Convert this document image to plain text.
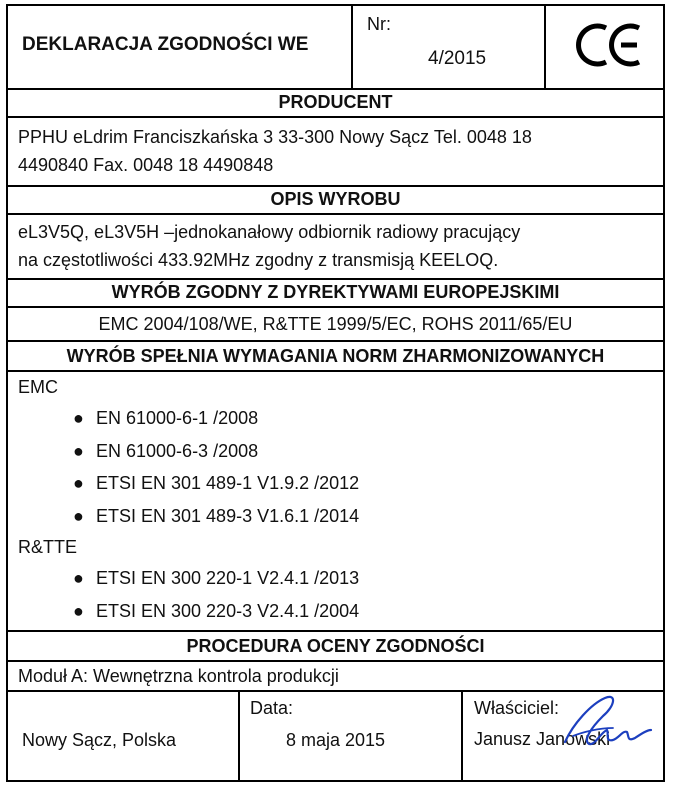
DEKLARACJA ZGODNOŚCI WE
Nr:
4/2015
PRODUCENT
PPHU eLdrim Franciszkańska 3 33-300 Nowy Sącz Tel. 0048 18
4490840 Fax. 0048 18 4490848
OPIS WYROBU
eL3V5Q, eL3V5H –jednokanałowy odbiornik radiowy pracujący
na częstotliwości 433.92MHz zgodny z transmisją KEELOQ.
WYRÓB ZGODNY Z DYREKTYWAMI EUROPEJSKIMI
EMC 2004/108/WE, R&TTE 1999/5/EC, ROHS 2011/65/EU
WYRÓB SPEŁNIA WYMAGANIA NORM ZHARMONIZOWANYCH
EMC
● EN 61000-6-1 /2008
● EN 61000-6-3 /2008
● ETSI EN 301 489-1 V1.9.2 /2012
● ETSI EN 301 489-3 V1.6.1 /2014
R&TTE
● ETSI EN 300 220-1 V2.4.1 /2013
● ETSI EN 300 220-3 V2.4.1 /2004
PROCEDURA OCENY ZGODNOŚCI
Moduł A: Wewnętrzna kontrola produkcji
Nowy Sącz, Polska
Data:
8 maja 2015
Właściciel:
Janusz Janowski
